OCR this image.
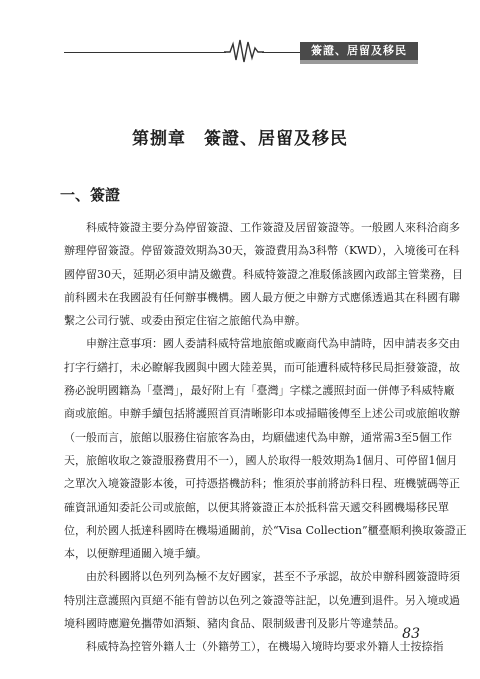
簽證、居留及移民
第捌章　簽證、居留及移民
一、簽證
　　科威特簽證主要分為停留簽證、工作簽證及居留簽證等。一般國人來科洽商多
辦理停留簽證。停留簽證效期為30天，簽證費用為3科幣（KWD），入境後可在科
國停留30天，延期必須申請及繳費。科威特簽證之准駁係該國內政部主管業務，目
前科國未在我國設有任何辦事機構。國人最方便之申辦方式應係透過其在科國有聯
繫之公司行號、或委由預定住宿之旅館代為申辦。
　　申辦注意事項：國人委請科威特當地旅館或廠商代為申請時，因申請表多交由
打字行繕打，未必瞭解我國與中國大陸差異，而可能遭科威特移民局拒發簽證，故
務必說明國籍為「臺灣」，最好附上有「臺灣」字樣之護照封面一併傳予科威特廠
商或旅館。申辦手續包括將護照首頁清晰影印本或掃瞄後傳至上述公司或旅館收辦
（一般而言，旅館以服務住宿旅客為由，均願儘速代為申辦，通常需3至5個工作
天，旅館收取之簽證服務費用不一），國人於取得一般效期為1個月、可停留1個月
之單次入境簽證影本後，可持憑搭機訪科；惟須於事前將訪科日程、班機號碼等正
確資訊通知委託公司或旅館，以便其將簽證正本於抵科當天遞交科國機場移民單
位，利於國人抵達科國時在機場通關前，於“Visa Collection”櫃臺順利換取簽證正
本，以便辦理通關入境手續。
　　由於科國將以色列列為極不友好國家，甚至不予承認，故於申辦科國簽證時須
特別注意護照內頁絕不能有曾訪以色列之簽證等註記，以免遭到退件。另入境或過
境科國時應避免攜帶如酒類、豬肉食品、限制級書刊及影片等違禁品。
　　科威特為控管外籍人士（外籍勞工），在機場入境時均要求外籍人士按捺指
83
